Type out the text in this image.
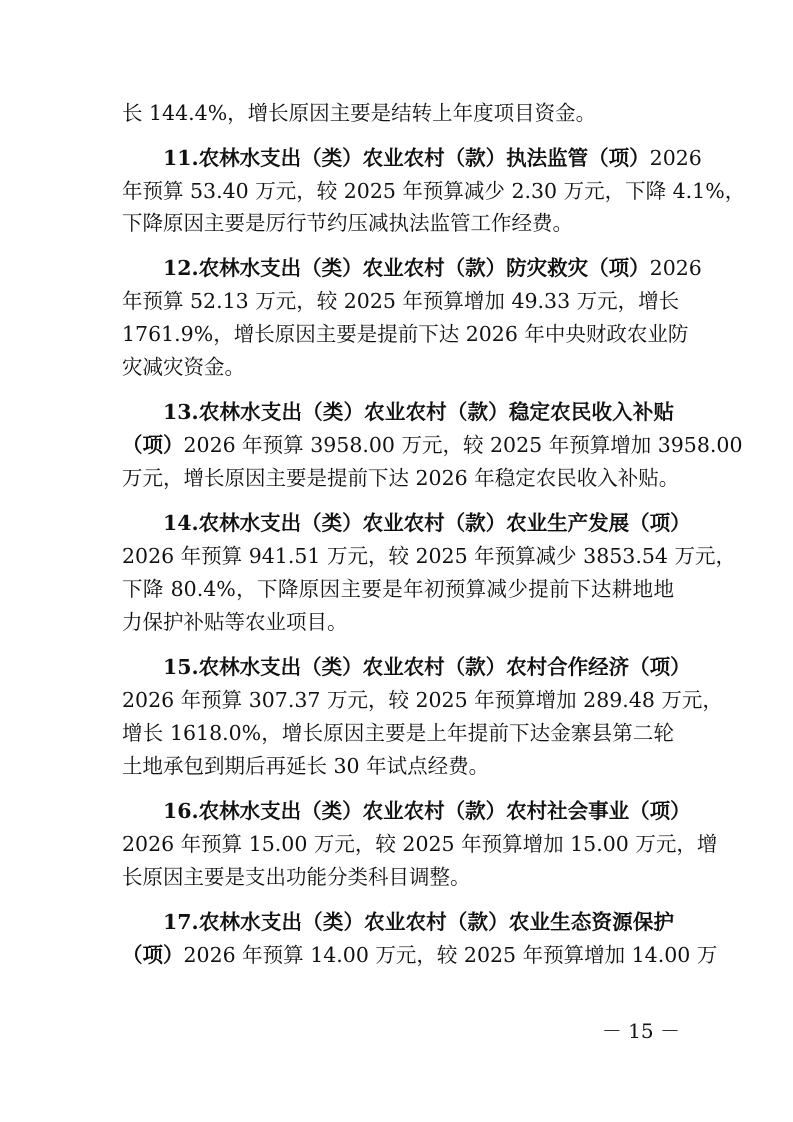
长 144.4%，增长原因主要是结转上年度项目资金。
11.农林水支出（类）农业农村（款）执法监管（项）2026
年预算 53.40 万元，较 2025 年预算减少 2.30 万元，下降 4.1%，
下降原因主要是厉行节约压减执法监管工作经费。
12.农林水支出（类）农业农村（款）防灾救灾（项）2026
年预算 52.13 万元，较 2025 年预算增加 49.33 万元，增长
1761.9%，增长原因主要是提前下达 2026 年中央财政农业防
灾减灾资金。
13.农林水支出（类）农业农村（款）稳定农民收入补贴
（项）2026 年预算 3958.00 万元，较 2025 年预算增加 3958.00
万元，增长原因主要是提前下达 2026 年稳定农民收入补贴。
14.农林水支出（类）农业农村（款）农业生产发展（项）
2026 年预算 941.51 万元，较 2025 年预算减少 3853.54 万元，
下降 80.4%，下降原因主要是年初预算减少提前下达耕地地
力保护补贴等农业项目。
15.农林水支出（类）农业农村（款）农村合作经济（项）
2026 年预算 307.37 万元，较 2025 年预算增加 289.48 万元，
增长 1618.0%，增长原因主要是上年提前下达金寨县第二轮
土地承包到期后再延长 30 年试点经费。
16.农林水支出（类）农业农村（款）农村社会事业（项）
2026 年预算 15.00 万元，较 2025 年预算增加 15.00 万元，增
长原因主要是支出功能分类科目调整。
17.农林水支出（类）农业农村（款）农业生态资源保护
（项）2026 年预算 14.00 万元，较 2025 年预算增加 14.00 万
－ 15 －
